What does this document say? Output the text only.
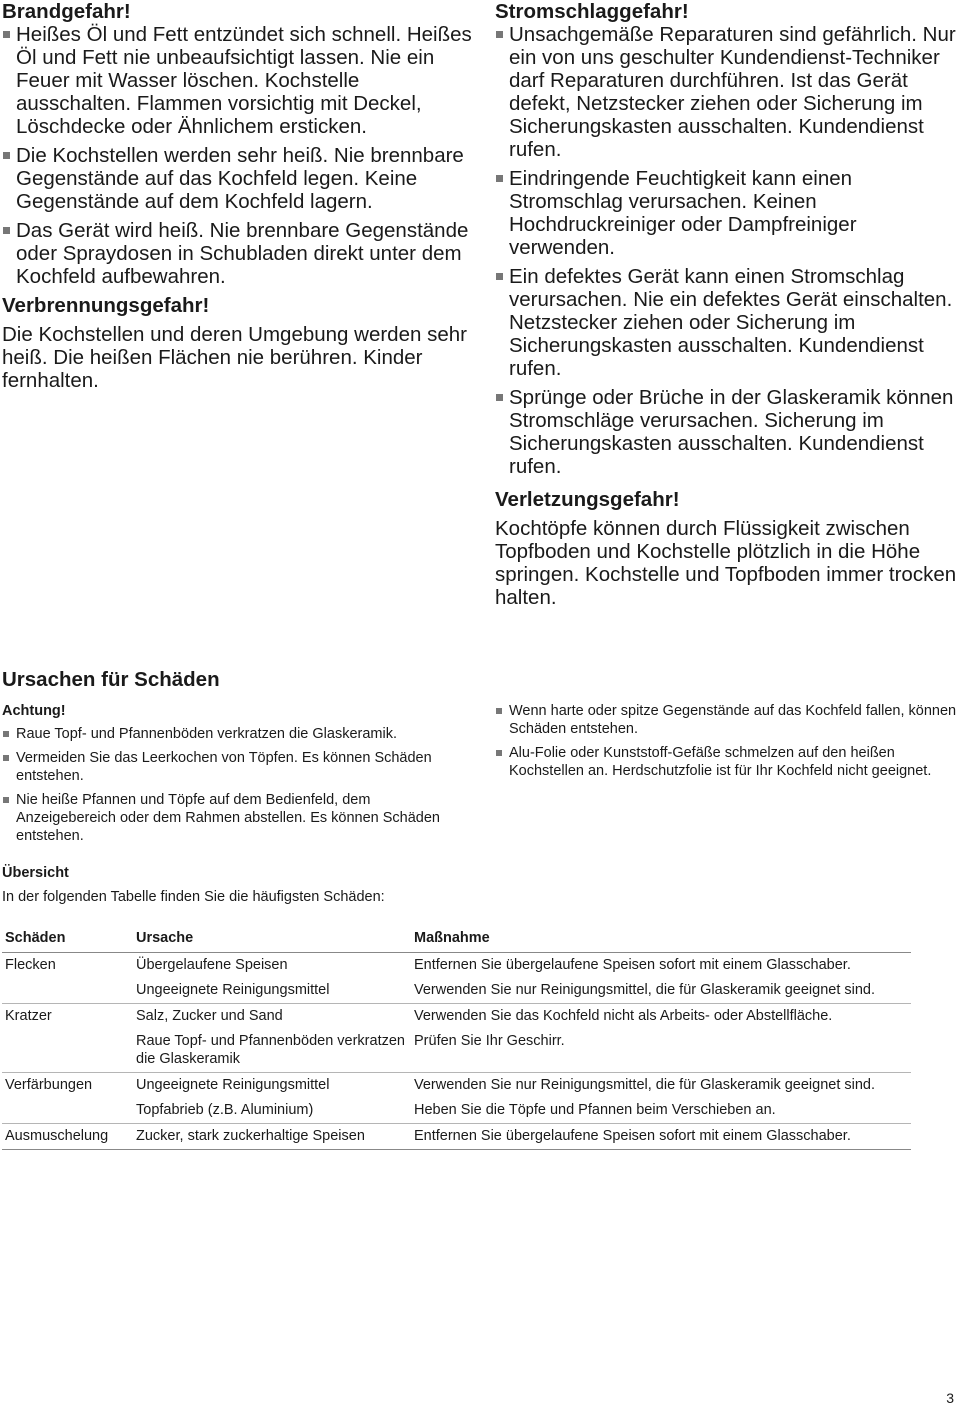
Brandgefahr!

Heißes Öl und Fett entzündet sich schnell. Heißes Öl und Fett nie unbeaufsichtigt lassen. Nie ein Feuer mit Wasser löschen. Kochstelle ausschalten. Flammen vorsichtig mit Deckel, Löschdecke oder Ähnlichem ersticken.
Die Kochstellen werden sehr heiß. Nie brennbare Gegenstände auf das Kochfeld legen. Keine Gegenstände auf dem Kochfeld lagern.
Das Gerät wird heiß. Nie brennbare Gegenstände oder Spraydosen in Schubladen direkt unter dem Kochfeld aufbewahren.

Verbrennungsgefahr!

Die Kochstellen und deren Umgebung werden sehr heiß. Die heißen Flächen nie berühren. Kinder fernhalten.

Stromschlaggefahr!

Unsachgemäße Reparaturen sind gefährlich. Nur ein von uns geschulter Kundendienst-Techniker darf Reparaturen durchführen. Ist das Gerät defekt, Netzstecker ziehen oder Sicherung im Sicherungskasten ausschalten. Kundendienst rufen.
Eindringende Feuchtigkeit kann einen Stromschlag verursachen. Keinen Hochdruckreiniger oder Dampfreiniger verwenden.
Ein defektes Gerät kann einen Stromschlag verursachen. Nie ein defektes Gerät einschalten. Netzstecker ziehen oder Sicherung im Sicherungskasten ausschalten. Kundendienst rufen.
Sprünge oder Brüche in der Glaskeramik können Stromschläge verursachen. Sicherung im Sicherungskasten ausschalten. Kundendienst rufen.

Verletzungsgefahr!

Kochtöpfe können durch Flüssigkeit zwischen Topfboden und Kochstelle plötzlich in die Höhe springen. Kochstelle und Topfboden immer trocken halten.

Ursachen für Schäden

Achtung!

Raue Topf- und Pfannenböden verkratzen die Glaskeramik.
Vermeiden Sie das Leerkochen von Töpfen. Es können Schäden entstehen.
Nie heiße Pfannen und Töpfe auf dem Bedienfeld, dem Anzeigebereich oder dem Rahmen abstellen. Es können Schäden entstehen.
Wenn harte oder spitze Gegenstände auf das Kochfeld fallen, können Schäden entstehen.
Alu-Folie oder Kunststoff-Gefäße schmelzen auf den heißen Kochstellen an. Herdschutzfolie ist für Ihr Kochfeld nicht geeignet.

Übersicht

In der folgenden Tabelle finden Sie die häufigsten Schäden:

Schäden	Ursache	Maßnahme
Flecken	Übergelaufene Speisen	Entfernen Sie übergelaufene Speisen sofort mit einem Glasschaber.
	Ungeeignete Reinigungsmittel	Verwenden Sie nur Reinigungsmittel, die für Glaskeramik geeignet sind.
Kratzer	Salz, Zucker und Sand	Verwenden Sie das Kochfeld nicht als Arbeits- oder Abstellfläche.
	Raue Topf- und Pfannenböden verkratzen die Glaskeramik	Prüfen Sie Ihr Geschirr.
Verfärbungen	Ungeeignete Reinigungsmittel	Verwenden Sie nur Reinigungsmittel, die für Glaskeramik geeignet sind.
	Topfabrieb (z.B. Aluminium)	Heben Sie die Töpfe und Pfannen beim Verschieben an.
Ausmuschelung	Zucker, stark zuckerhaltige Speisen	Entfernen Sie übergelaufene Speisen sofort mit einem Glasschaber.
3
